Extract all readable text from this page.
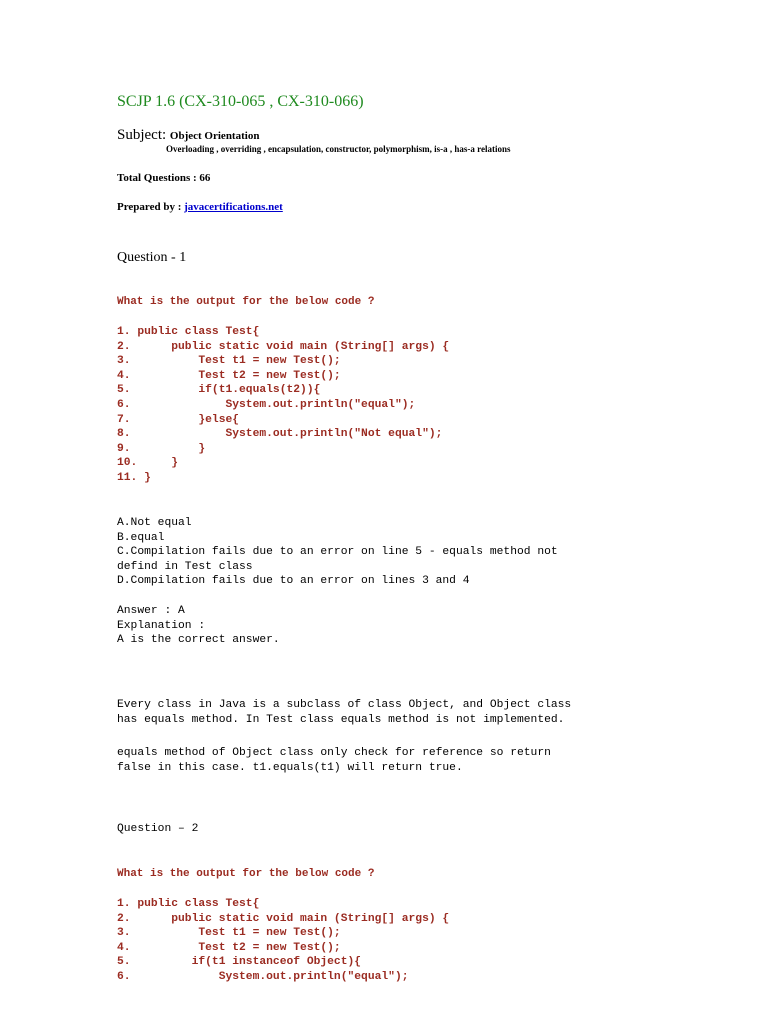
SCJP 1.6 (CX-310-065 , CX-310-066)
Subject: Object Orientation
Overloading , overriding , encapsulation, constructor, polymorphism, is-a , has-a relations
Total Questions : 66
Prepared by : javacertifications.net
Question - 1
What is the output for the below code ?
1. public class Test{
2.      public static void main (String[] args) {
3.          Test t1 = new Test();
4.          Test t2 = new Test();
5.          if(t1.equals(t2)){
6.              System.out.println("equal");
7.          }else{
8.              System.out.println("Not equal");
9.          }
10.     }
11. }
A.Not equal
B.equal
C.Compilation fails due to an error on line 5 - equals method not
defind in Test class
D.Compilation fails due to an error on lines 3 and 4
Answer : A
Explanation :
A is the correct answer.
Every class in Java is a subclass of class Object, and Object class
has equals method. In Test class equals method is not implemented.
equals method of Object class only check for reference so return
false in this case. t1.equals(t1) will return true.
Question – 2
What is the output for the below code ?
1. public class Test{
2.      public static void main (String[] args) {
3.          Test t1 = new Test();
4.          Test t2 = new Test();
5.         if(t1 instanceof Object){
6.             System.out.println("equal");
